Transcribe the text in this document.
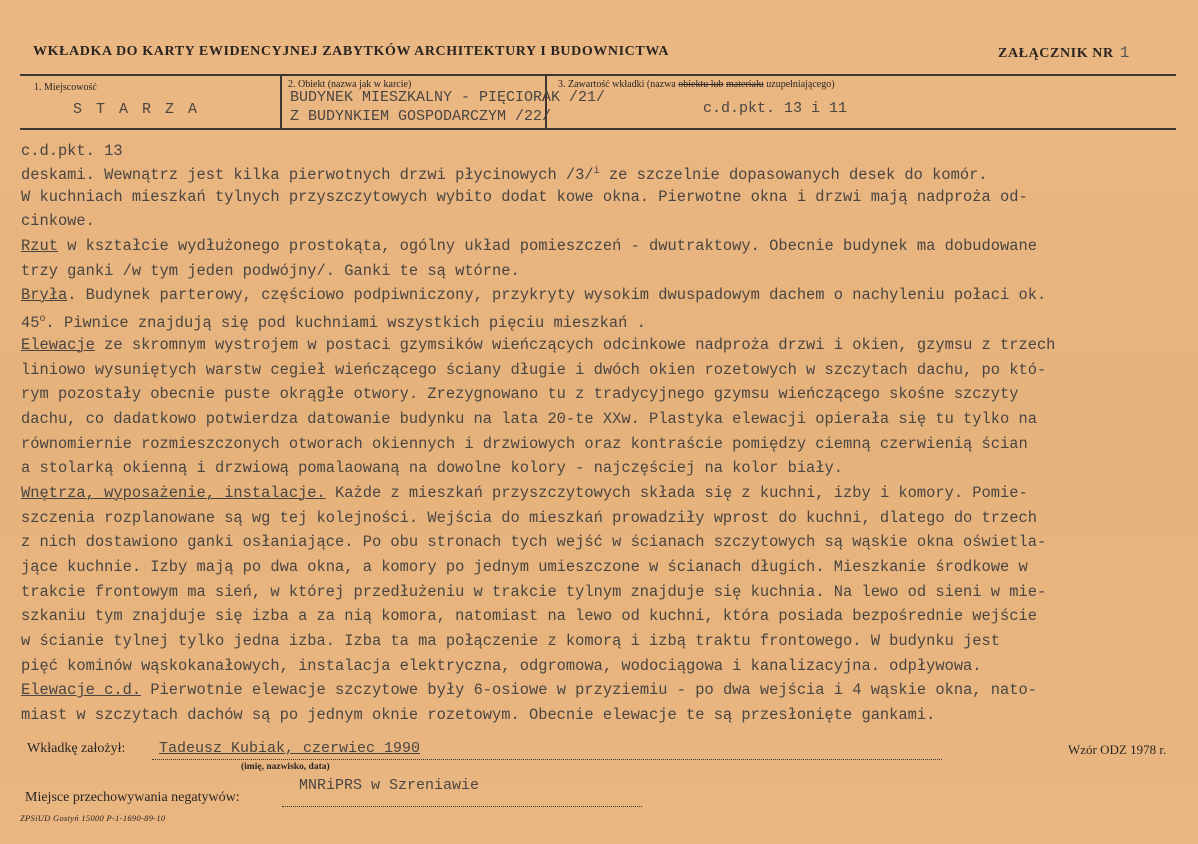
WKŁADKA DO KARTY EWIDENCYJNEJ ZABYTKÓW ARCHITEKTURY I BUDOWNICTWA	ZAŁĄCZNIK NR 1
1. Miejscowość
STARZA
2. Obiekt (nazwa jak w karcie)
BUDYNEK MIESZKALNY - PIĘCIORAK /21/
Z BUDYNKIEM GOSPODARCZYM /22/
3. Zawartość wkładki (nazwa obiektu lub materiału uzupełniającego)
c.d.pkt. 13 i 11
c.d.pkt. 13
deskami. Wewnątrz jest kilka pierwotnych drzwi płycinowych /3/$^i$ ze szczelnie dopasowanych desek do komór.
W kuchniach mieszkań tylnych przyszczytowych wybito dodat kowe okna. Pierwotne okna i drzwi mają nadproża od-
cinkowe.
Rzut w kształcie wydłużonego prostokąta, ogólny układ pomieszczeń - dwutraktowy. Obecnie budynek ma dobudowane
trzy ganki /w tym jeden podwójny/. Ganki te są wtórne.
Bryła. Budynek parterowy, częściowo podpiwniczony, przykryty wysokim dwuspadowym dachem o nachyleniu połaci ok.
45$^o$. Piwnice znajdują się pod kuchniami wszystkich pięciu mieszkań .
Elewacje ze skromnym wystrojem w postaci gzymsików wieńczących odcinkowe nadproża drzwi i okien, gzymsu z trzech
liniowo wysuniętych warstw cegieł wieńczącego ściany długie i dwóch okien rozetowych w szczytach dachu, po któ-
rym pozostały obecnie puste okrągłe otwory. Zrezygnowano tu z tradycyjnego gzymsu wieńczącego skośne szczyty
dachu, co dadatkowo potwierdza datowanie budynku na lata 20-te XXw. Plastyka elewacji opierała się tu tylko na
równomiernie rozmieszczonych otworach okiennych i drzwiowych oraz kontraście pomiędzy ciemną czerwienią ścian
a stolarką okienną i drzwiową pomalaowaną na dowolne kolory - najczęściej na kolor biały.
Wnętrza, wyposażenie, instalacje. Każde z mieszkań przyszczytowych składa się z kuchni, izby i komory. Pomie-
szczenia rozplanowane są wg tej kolejności. Wejścia do mieszkań prowadziły wprost do kuchni, dlatego do trzech
z nich dostawiono ganki osłaniające. Po obu stronach tych wejść w ścianach szczytowych są wąskie okna oświetla-
jące kuchnie. Izby mają po dwa okna, a komory po jednym umieszczone w ścianach długich. Mieszkanie środkowe w
trakcie frontowym ma sień, w której przedłużeniu w trakcie tylnym znajduje się kuchnia. Na lewo od sieni w mie-
szkaniu tym znajduje się izba a za nią komora, natomiast na lewo od kuchni, która posiada bezpośrednie wejście
w ścianie tylnej tylko jedna izba. Izba ta ma połączenie z komorą i izbą traktu frontowego. W budynku jest
pięć kominów wąskokanałowych, instalacja elektryczna, odgromowa, wodociągowa i kanalizacyjna. odpływowa.
Elewacje c.d. Pierwotnie elewacje szczytowe były 6-osiowe w przyziemiu - po dwa wejścia i 4 wąskie okna, nato-
miast w szczytach dachów są po jednym oknie rozetowym. Obecnie elewacje te są przesłonięte gankami.
Wkładkę założył: Tadeusz Kubiak, czerwiec 1990
(imię, nazwisko, data)
Wzór ODZ 1978 r.
Miejsce przechowywania negatywów:
MNRiPRS w Szreniawie
ZPSiUD Gostyń 15000 P-1-1690-89-10
